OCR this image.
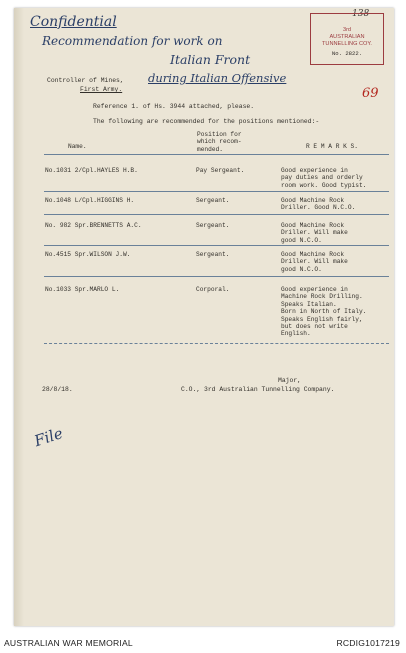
Confidential
Recommendation for work on
Italian Front
during Italian Offensive
69
138
3rd
AUSTRALIAN
TUNNELLING COY.
No. 2822.
Controller of Mines,
First Army.
Reference 1. of Hs. 3944 attached, please.
The following are recommended for the positions mentioned:-
Name.
Position for
which recom-
mended.	R E M A R K S.
No.1031 2/Cpl.HAYLES H.B.	Pay Sergeant.	Good experience in
pay duties and orderly
room work. Good typist.
No.1048 L/Cpl.HIGGINS H.	Sergeant.	Good Machine Rock
Driller. Good N.C.O.
No. 982 Spr.BRENNETTS A.C.	Sergeant.	Good Machine Rock
Driller. Will make
good N.C.O.
No.4515 Spr.WILSON J.W.	Sergeant.	Good Machine Rock
Driller. Will make
good N.C.O.
No.1033 Spr.MARLO L.	Corporal.	Good experience in
Machine Rock Drilling.
Speaks Italian.
Born in North of Italy.
Speaks English fairly,
but does not write
English.
Major,
28/8/18.	C.O., 3rd Australian Tunnelling Company.
File
AUSTRALIAN WAR MEMORIAL	RCDIG1017219
